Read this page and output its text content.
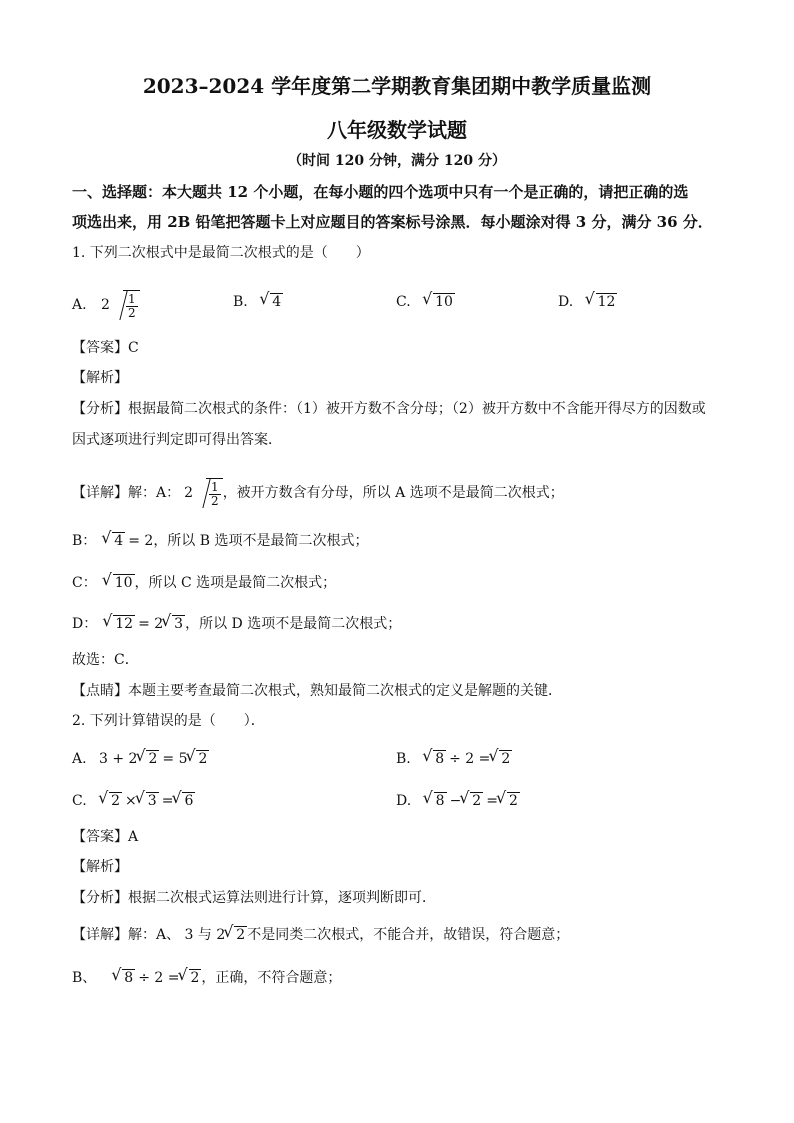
2023–2024 学年度第二学期教育集团期中教学质量监测
八年级数学试题
（时间 120 分钟，满分 120 分）
一、选择题：本大题共 12 个小题，在每小题的四个选项中只有一个是正确的，请把正确的选
项选出来，用 2B 铅笔把答题卡上对应题目的答案标号涂黑．每小题涂对得 3 分，满分 36 分．
1. 下列二次根式中是最简二次根式的是（　　）
A. $2 \frac{1}{2}$	B. √ 4	C. √ 10	D. √ 12
【答案】C
【解析】
【分析】根据最简二次根式的条件：（1）被开方数不含分母；（2）被开方数中不含能开得尽方的因数或
因式逐项进行判定即可得出答案．
【详解】解：A： $2 \frac{1}{2}$ ，被开方数含有分母，所以 A 选项不是最简二次根式；
B： √ 4 = 2，所以 B 选项不是最简二次根式；
C： √ 10 ，所以 C 选项是最简二次根式；
D： √ 12 = 2 √ 3 ，所以 D 选项不是最简二次根式；
故选：C．
【点睛】本题主要考查最简二次根式，熟知最简二次根式的定义是解题的关键．
2. 下列计算错误的是（　　）．
A. 3 + 2 √ 2 = 5 √ 2	B. √ 8 ÷ 2 = √ 2
C. √ 2 × √ 3 = √ 6	D. √ 8 − √ 2 = √ 2
【答案】A
【解析】
【分析】根据二次根式运算法则进行计算，逐项判断即可．
【详解】解：A、 3 与 2 √ 2 不是同类二次根式，不能合并，故错误，符合题意；
B、 √ 8 ÷ 2 = √ 2 ，正确，不符合题意；
